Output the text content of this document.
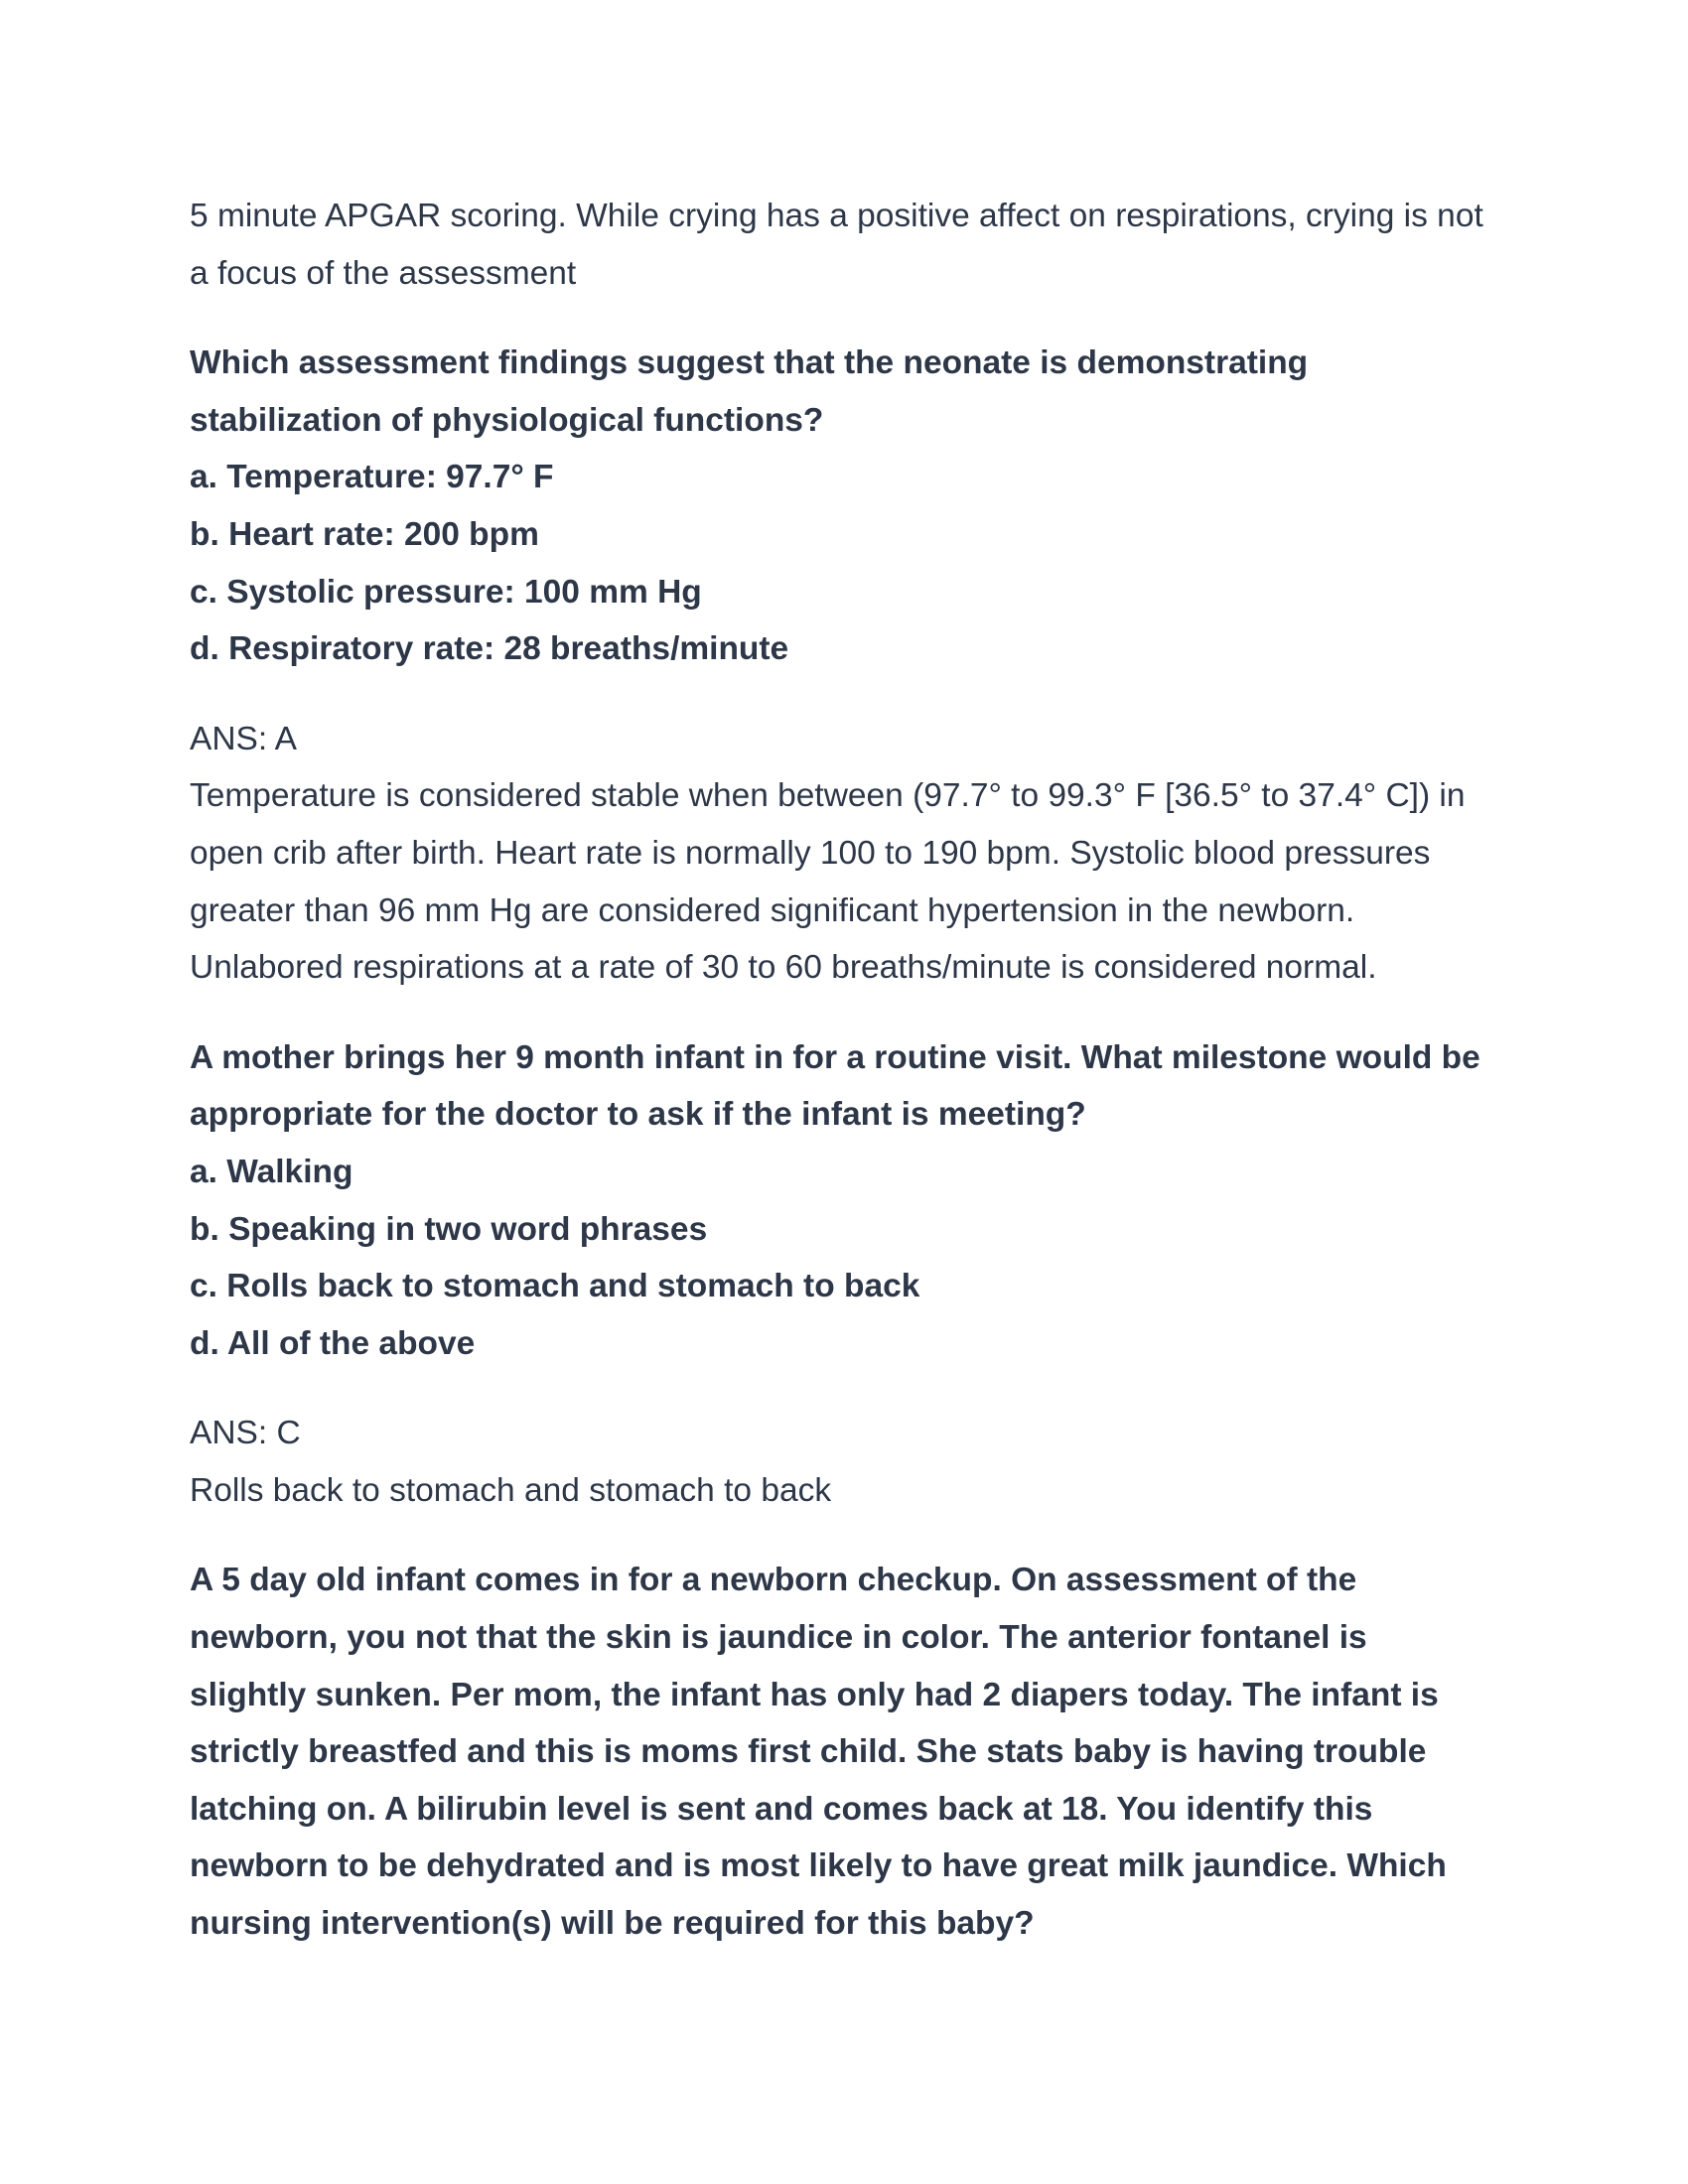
5 minute APGAR scoring. While crying has a positive affect on respirations, crying is not
a focus of the assessment

Which assessment findings suggest that the neonate is demonstrating
stabilization of physiological functions?
a. Temperature: 97.7° F
b. Heart rate: 200 bpm
c. Systolic pressure: 100 mm Hg
d. Respiratory rate: 28 breaths/minute

ANS: A
Temperature is considered stable when between (97.7° to 99.3° F [36.5° to 37.4° C]) in
open crib after birth. Heart rate is normally 100 to 190 bpm. Systolic blood pressures
greater than 96 mm Hg are considered significant hypertension in the newborn.
Unlabored respirations at a rate of 30 to 60 breaths/minute is considered normal.

A mother brings her 9 month infant in for a routine visit. What milestone would be
appropriate for the doctor to ask if the infant is meeting?
a. Walking
b. Speaking in two word phrases
c. Rolls back to stomach and stomach to back
d. All of the above

ANS: C
Rolls back to stomach and stomach to back

A 5 day old infant comes in for a newborn checkup. On assessment of the
newborn, you not that the skin is jaundice in color. The anterior fontanel is
slightly sunken. Per mom, the infant has only had 2 diapers today. The infant is
strictly breastfed and this is moms first child. She stats baby is having trouble
latching on. A bilirubin level is sent and comes back at 18. You identify this
newborn to be dehydrated and is most likely to have great milk jaundice. Which
nursing intervention(s) will be required for this baby?
